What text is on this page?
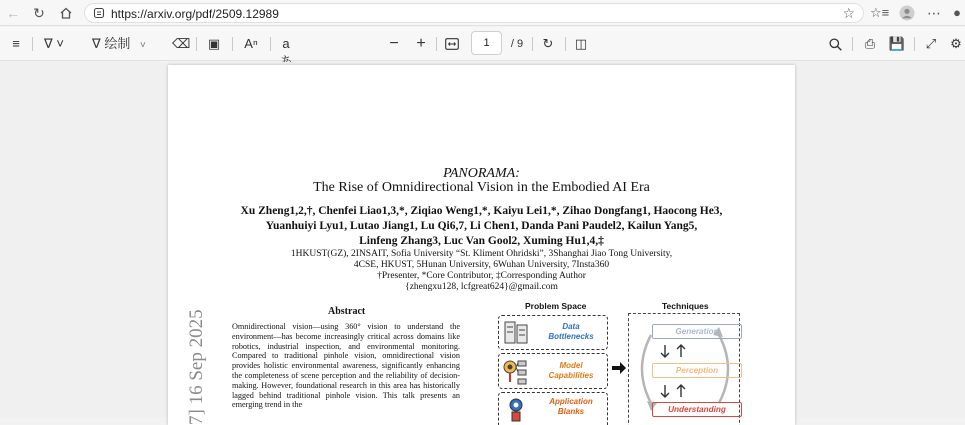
← ↻	https://arxiv.org/pdf/2509.12989	☆ ☆≡	⋯ ●
≡	∇ ˅	∇ 绘制 ˅	⌫ ▣	Aⁿ	a	− +	1	/ 9	↻ ◫	⎙ 💾 ⤢ ⚙
PANORAMA:
The Rise of Omnidirectional Vision in the Embodied AI Era
Xu Zheng1,2,†, Chenfei Liao1,3,*, Ziqiao Weng1,*, Kaiyu Lei1,*, Zihao Dongfang1, Haocong He3,
Yuanhuiyi Lyu1, Lutao Jiang1, Lu Qi6,7, Li Chen1, Danda Pani Paudel2, Kailun Yang5,
Linfeng Zhang3, Luc Van Gool2, Xuming Hu1,4,‡
1HKUST(GZ), 2INSAIT, Sofia University “St. Kliment Ohridski”, 3Shanghai Jiao Tong University,
4CSE, HKUST, 5Hunan University, 6Wuhan University, 7Insta360
†Presenter, *Core Contributor, ‡Corresponding Author
{zhengxu128, lcfgreat624}@gmail.com
7] 16 Sep 2025	Abstract
Omnidirectional vision—using 360° vision to understand the environment—has become increasingly critical across domains like robotics, industrial inspection, and environmental monitoring. Compared to traditional pinhole vision, omnidirectional vision provides holistic environmental awareness, significantly enhancing the completeness of scene perception and the reliability of decision-making. However, foundational research in this area has historically lagged behind traditional pinhole vision. This talk presents an emerging trend in the
Problem Space	Techniques
Data
Bottlenecks
Model
Capabilities
Application
Blanks
Generation
Perception
Understanding
